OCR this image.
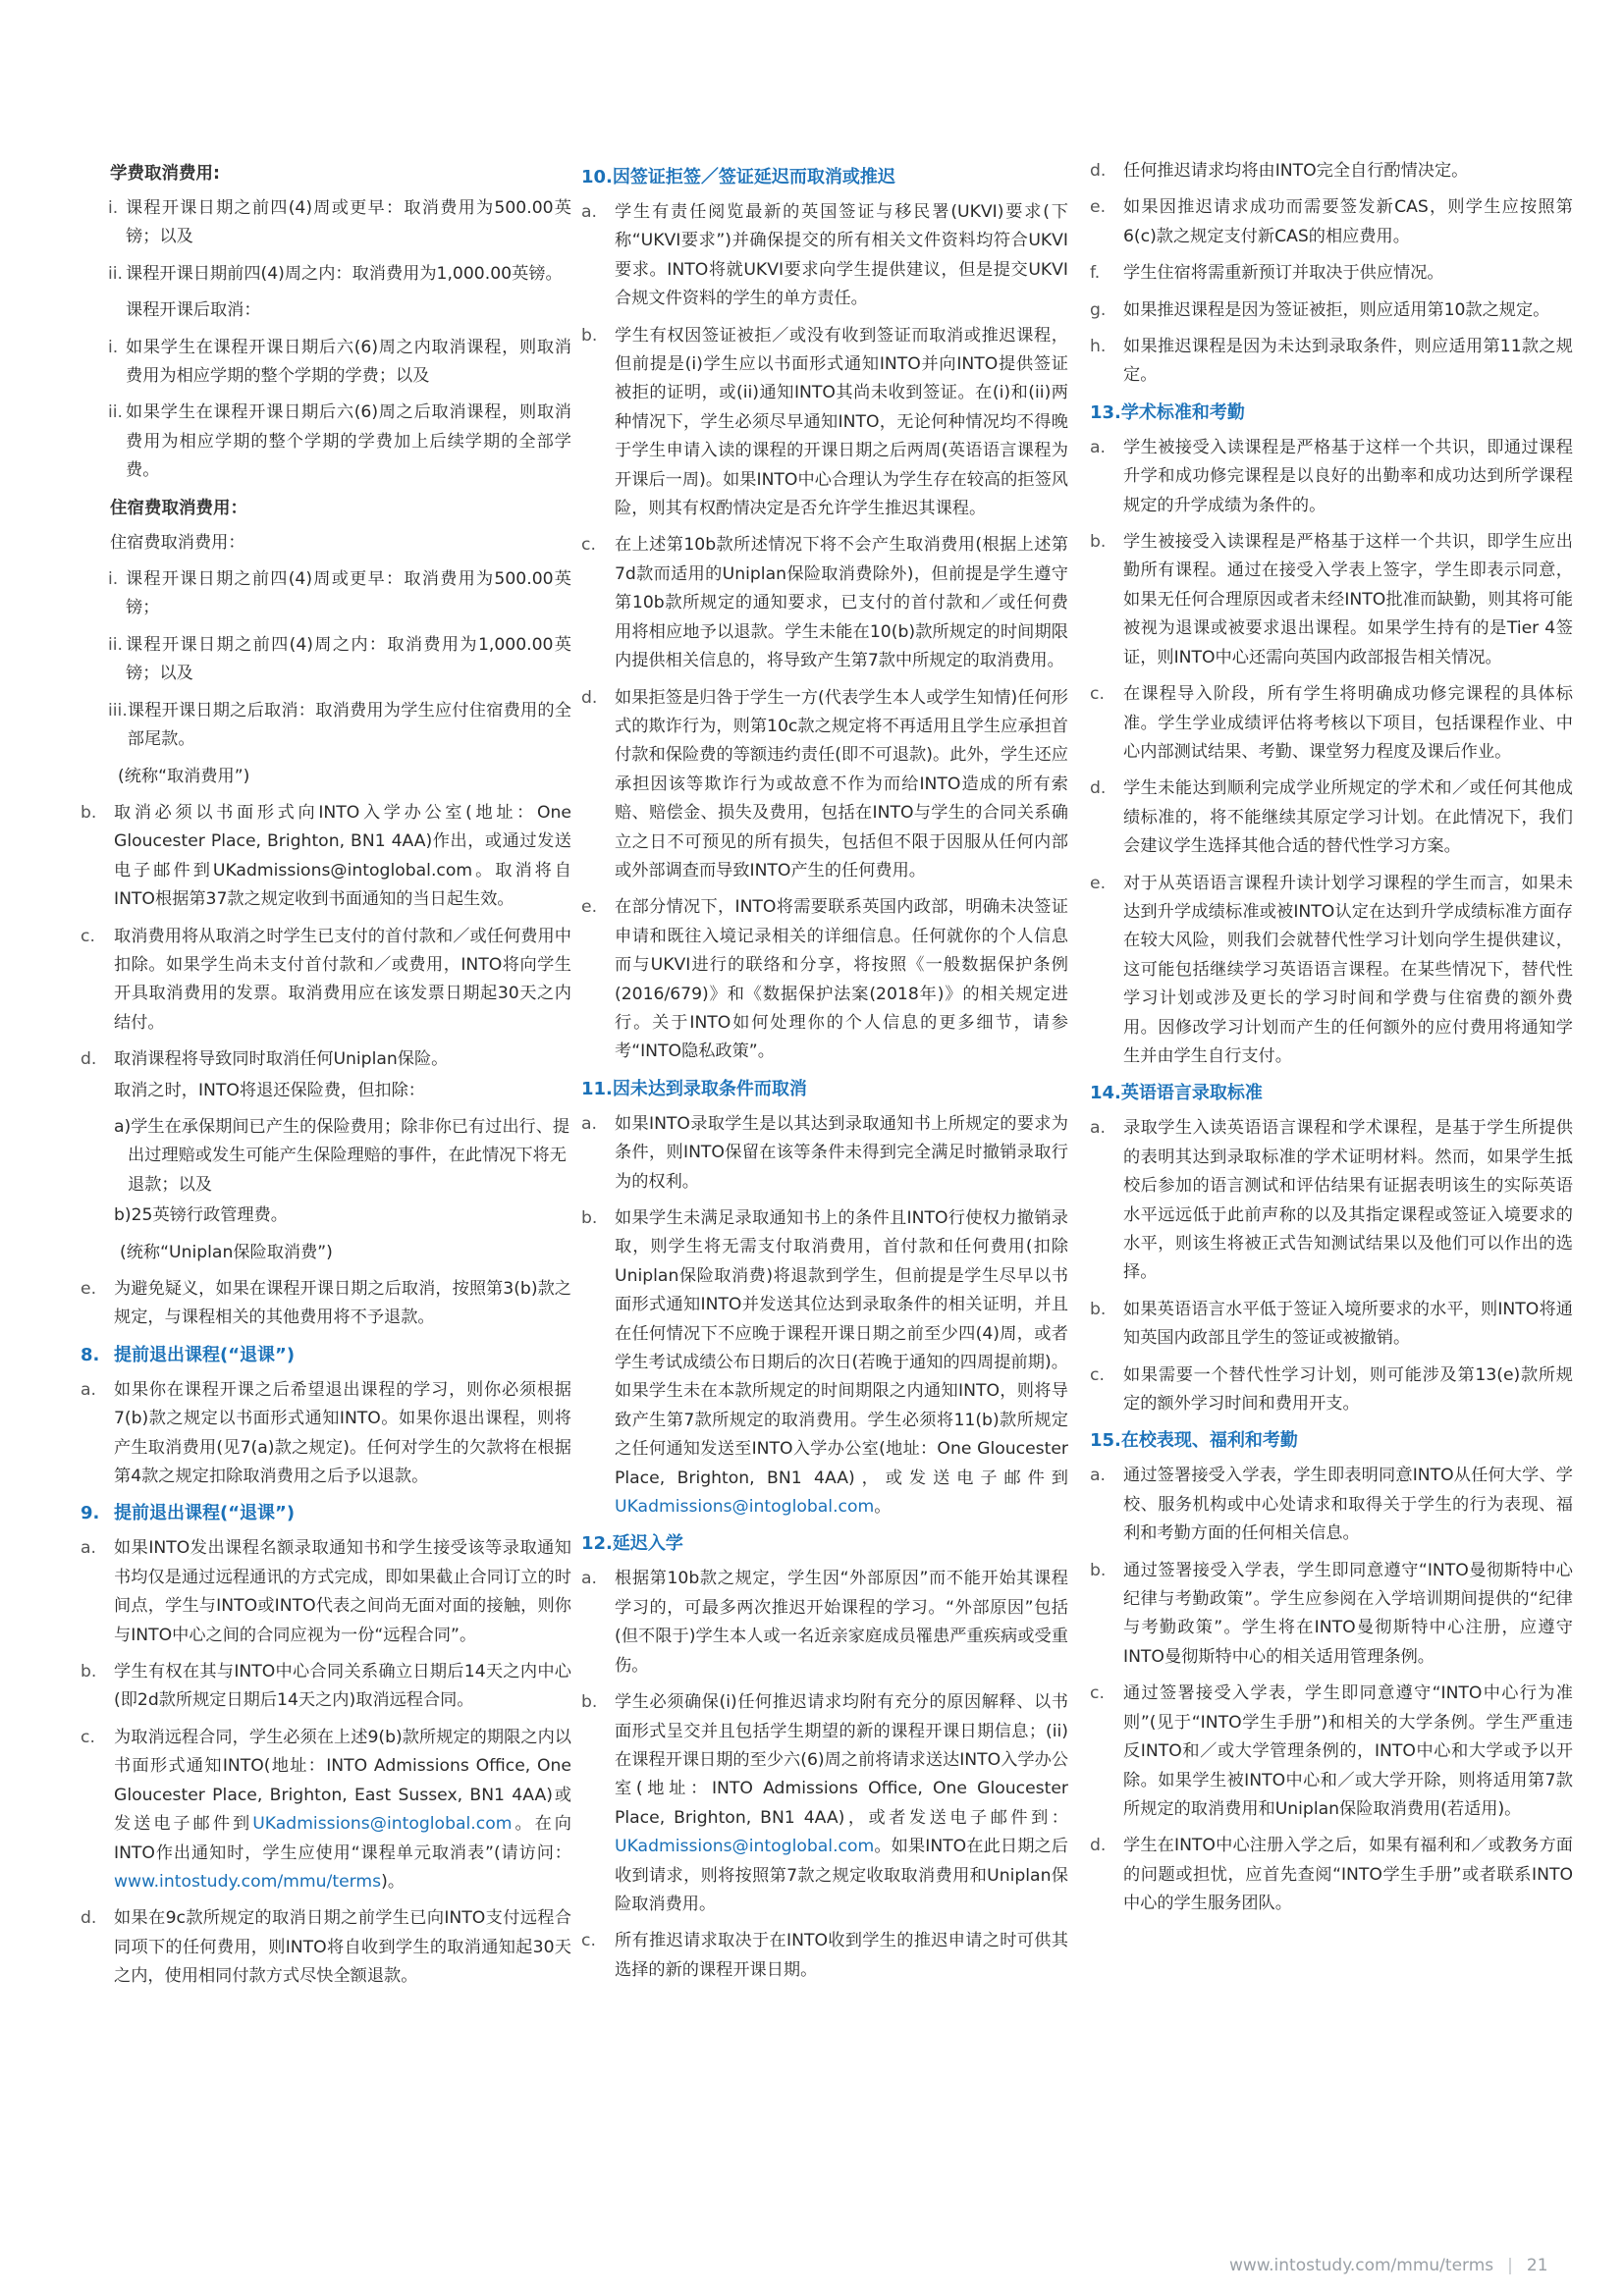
学费取消费用:
i. 课程开课日期之前四(4)周或更早：取消费用为500.00英镑；以及
ii. 课程开课日期前四(4)周之内：取消费用为1,000.00英镑。
课程开课后取消：
i. 如果学生在课程开课日期后六(6)周之内取消课程，则取消费用为相应学期的整个学期的学费；以及
ii. 如果学生在课程开课日期后六(6)周之后取消课程，则取消费用为相应学期的整个学期的学费加上后续学期的全部学费。
住宿费取消费用：
住宿费取消费用：
i. 课程开课日期之前四(4)周或更早：取消费用为500.00英镑；
ii. 课程开课日期之前四(4)周之内：取消费用为1,000.00英镑；以及
iii. 课程开课日期之后取消：取消费用为学生应付住宿费用的全部尾款。
(统称“取消费用”)
b.	取消必须以书面形式向INTO入学办公室(地址：One Gloucester Place, Brighton, BN1 4AA)作出，或通过发送电子邮件到UKadmissions@intoglobal.com。取消将自INTO根据第37款之规定收到书面通知的当日起生效。
c.	取消费用将从取消之时学生已支付的首付款和／或任何费用中扣除。如果学生尚未支付首付款和／或费用，INTO将向学生开具取消费用的发票。取消费用应在该发票日期起30天之内结付。
d.	取消课程将导致同时取消任何Uniplan保险。
取消之时，INTO将退还保险费，但扣除：
a)学生在承保期间已产生的保险费用；除非你已有过出行、提出过理赔或发生可能产生保险理赔的事件，在此情况下将无退款；以及
b)25英镑行政管理费。
(统称“Uniplan保险取消费”)
e.	为避免疑义，如果在课程开课日期之后取消，按照第3(b)款之规定，与课程相关的其他费用将不予退款。
8. 提前退出课程(“退课”)
a.	如果你在课程开课之后希望退出课程的学习，则你必须根据7(b)款之规定以书面形式通知INTO。如果你退出课程，则将产生取消费用(见7(a)款之规定)。任何对学生的欠款将在根据第4款之规定扣除取消费用之后予以退款。
9. 提前退出课程(“退课”)
a.	如果INTO发出课程名额录取通知书和学生接受该等录取通知书均仅是通过远程通讯的方式完成，即如果截止合同订立的时间点，学生与INTO或INTO代表之间尚无面对面的接触，则你与INTO中心之间的合同应视为一份“远程合同”。
b.	学生有权在其与INTO中心合同关系确立日期后14天之内中心(即2d款所规定日期后14天之内)取消远程合同。
c.	为取消远程合同，学生必须在上述9(b)款所规定的期限之内以书面形式通知INTO(地址：INTO Admissions Office, One Gloucester Place, Brighton, East Sussex, BN1 4AA)或发送电子邮件到UKadmissions@intoglobal.com。在向INTO作出通知时，学生应使用“课程单元取消表”(请访问：www.intostudy.com/mmu/terms)。
d.	如果在9c款所规定的取消日期之前学生已向INTO支付远程合同项下的任何费用，则INTO将自收到学生的取消通知起30天之内，使用相同付款方式尽快全额退款。
10.因签证拒签／签证延迟而取消或推迟
a.	学生有责任阅览最新的英国签证与移民署(UKVI)要求(下称“UKVI要求”)并确保提交的所有相关文件资料均符合UKVI要求。INTO将就UKVI要求向学生提供建议，但是提交UKVI合规文件资料的学生的单方责任。
b.	学生有权因签证被拒／或没有收到签证而取消或推迟课程，但前提是(i)学生应以书面形式通知INTO并向INTO提供签证被拒的证明，或(ii)通知INTO其尚未收到签证。在(i)和(ii)两种情况下，学生必须尽早通知INTO，无论何种情况均不得晚于学生申请入读的课程的开课日期之后两周(英语语言课程为开课后一周)。如果INTO中心合理认为学生存在较高的拒签风险，则其有权酌情决定是否允许学生推迟其课程。
c.	在上述第10b款所述情况下将不会产生取消费用(根据上述第7d款而适用的Uniplan保险取消费除外)，但前提是学生遵守第10b款所规定的通知要求，已支付的首付款和／或任何费用将相应地予以退款。学生未能在10(b)款所规定的时间期限内提供相关信息的，将导致产生第7款中所规定的取消费用。
d.	如果拒签是归咎于学生一方(代表学生本人或学生知情)任何形式的欺诈行为，则第10c款之规定将不再适用且学生应承担首付款和保险费的等额违约责任(即不可退款)。此外，学生还应承担因该等欺诈行为或故意不作为而给INTO造成的所有索赔、赔偿金、损失及费用，包括在INTO与学生的合同关系确立之日不可预见的所有损失，包括但不限于因服从任何内部或外部调查而导致INTO产生的任何费用。
e.	在部分情况下，INTO将需要联系英国内政部，明确未决签证申请和既往入境记录相关的详细信息。任何就你的个人信息而与UKVI进行的联络和分享，将按照《一般数据保护条例(2016/679)》和《数据保护法案(2018年)》的相关规定进行。关于INTO如何处理你的个人信息的更多细节，请参考“INTO隐私政策”。
11.因未达到录取条件而取消
a.	如果INTO录取学生是以其达到录取通知书上所规定的要求为条件，则INTO保留在该等条件未得到完全满足时撤销录取行为的权利。
b.	如果学生未满足录取通知书上的条件且INTO行使权力撤销录取，则学生将无需支付取消费用，首付款和任何费用(扣除Uniplan保险取消费)将退款到学生，但前提是学生尽早以书面形式通知INTO并发送其位达到录取条件的相关证明，并且在任何情况下不应晚于课程开课日期之前至少四(4)周，或者学生考试成绩公布日期后的次日(若晚于通知的四周提前期)。如果学生未在本款所规定的时间期限之内通知INTO，则将导致产生第7款所规定的取消费用。学生必须将11(b)款所规定之任何通知发送至INTO入学办公室(地址：One Gloucester Place, Brighton, BN1 4AA)，或发送电子邮件到UKadmissions@intoglobal.com。
12.延迟入学
a.	根据第10b款之规定，学生因“外部原因”而不能开始其课程学习的，可最多两次推迟开始课程的学习。“外部原因”包括(但不限于)学生本人或一名近亲家庭成员罹患严重疾病或受重伤。
b.	学生必须确保(i)任何推迟请求均附有充分的原因解释、以书面形式呈交并且包括学生期望的新的课程开课日期信息；(ii)在课程开课日期的至少六(6)周之前将请求送达INTO入学办公室(地址：INTO Admissions Office, One Gloucester Place, Brighton, BN1 4AA)，或者发送电子邮件到：UKadmissions@intoglobal.com。如果INTO在此日期之后收到请求，则将按照第7款之规定收取取消费用和Uniplan保险取消费用。
c.	所有推迟请求取决于在INTO收到学生的推迟申请之时可供其选择的新的课程开课日期。
d.	任何推迟请求均将由INTO完全自行酌情决定。
e.	如果因推迟请求成功而需要签发新CAS，则学生应按照第6(c)款之规定支付新CAS的相应费用。
f.	学生住宿将需重新预订并取决于供应情况。
g.	如果推迟课程是因为签证被拒，则应适用第10款之规定。
h.	如果推迟课程是因为未达到录取条件，则应适用第11款之规定。
13.学术标准和考勤
a.	学生被接受入读课程是严格基于这样一个共识，即通过课程升学和成功修完课程是以良好的出勤率和成功达到所学课程规定的升学成绩为条件的。
b.	学生被接受入读课程是严格基于这样一个共识，即学生应出勤所有课程。通过在接受入学表上签字，学生即表示同意，如果无任何合理原因或者未经INTO批准而缺勤，则其将可能被视为退课或被要求退出课程。如果学生持有的是Tier 4签证，则INTO中心还需向英国内政部报告相关情况。
c.	在课程导入阶段，所有学生将明确成功修完课程的具体标准。学生学业成绩评估将考核以下项目，包括课程作业、中心内部测试结果、考勤、课堂努力程度及课后作业。
d.	学生未能达到顺利完成学业所规定的学术和／或任何其他成绩标准的，将不能继续其原定学习计划。在此情况下，我们会建议学生选择其他合适的替代性学习方案。
e.	对于从英语语言课程升读计划学习课程的学生而言，如果未达到升学成绩标准或被INTO认定在达到升学成绩标准方面存在较大风险，则我们会就替代性学习计划向学生提供建议，这可能包括继续学习英语语言课程。在某些情况下，替代性学习计划或涉及更长的学习时间和学费与住宿费的额外费用。因修改学习计划而产生的任何额外的应付费用将通知学生并由学生自行支付。
14.英语语言录取标准
a.	录取学生入读英语语言课程和学术课程，是基于学生所提供的表明其达到录取标准的学术证明材料。然而，如果学生抵校后参加的语言测试和评估结果有证据表明该生的实际英语水平远远低于此前声称的以及其指定课程或签证入境要求的水平，则该生将被正式告知测试结果以及他们可以作出的选择。
b.	如果英语语言水平低于签证入境所要求的水平，则INTO将通知英国内政部且学生的签证或被撤销。
c.	如果需要一个替代性学习计划，则可能涉及第13(e)款所规定的额外学习时间和费用开支。
15.在校表现、福利和考勤
a.	通过签署接受入学表，学生即表明同意INTO从任何大学、学校、服务机构或中心处请求和取得关于学生的行为表现、福利和考勤方面的任何相关信息。
b.	通过签署接受入学表，学生即同意遵守“INTO曼彻斯特中心纪律与考勤政策”。学生应参阅在入学培训期间提供的“纪律与考勤政策”。学生将在INTO曼彻斯特中心注册，应遵守INTO曼彻斯特中心的相关适用管理条例。
c.	通过签署接受入学表，学生即同意遵守“INTO中心行为准则”(见于“INTO学生手册”)和相关的大学条例。学生严重违反INTO和／或大学管理条例的，INTO中心和大学或予以开除。如果学生被INTO中心和／或大学开除，则将适用第7款所规定的取消费用和Uniplan保险取消费用(若适用)。
d.	学生在INTO中心注册入学之后，如果有福利和／或教务方面的问题或担忧，应首先查阅“INTO学生手册”或者联系INTO中心的学生服务团队。
www.intostudy.com/mmu/terms | 21
